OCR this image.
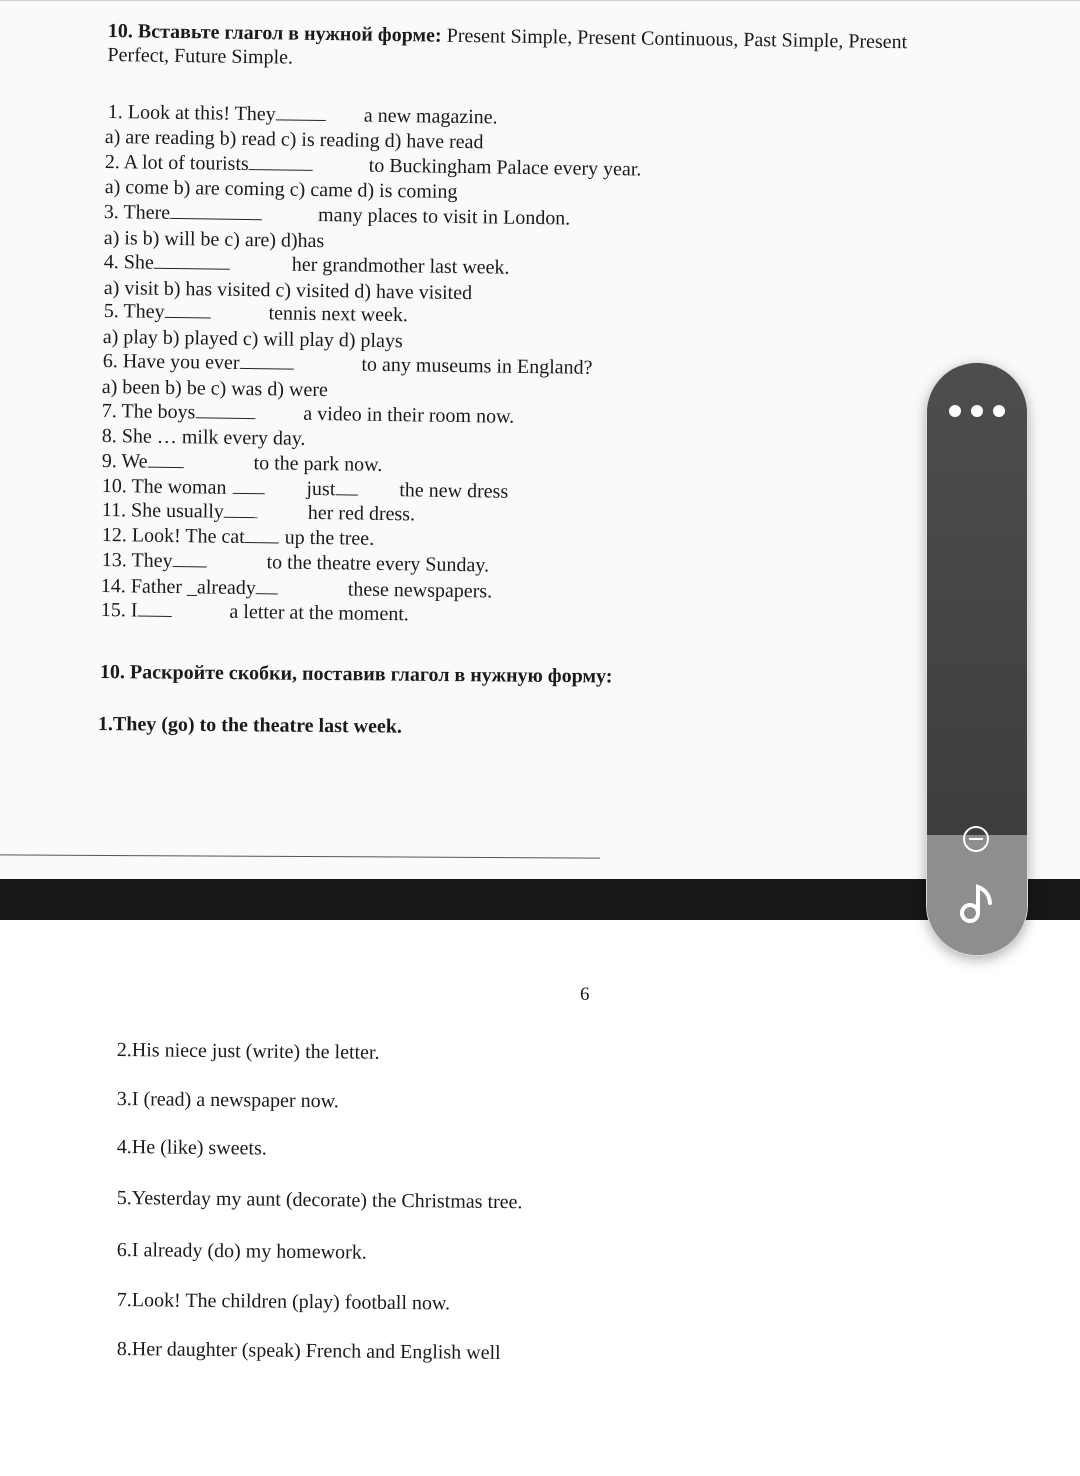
10. Вставьте глагол в нужной форме: Present Simple, Present Continuous, Past Simple, Present
Perfect, Future Simple.
1. Look at this! They	a new magazine.
a) are reading b) read c) is reading d) have read
2. A lot of tourists	to Buckingham Palace every year.
a) come b) are coming c) came d) is coming
3. There	many places to visit in London.
a) is b) will be c) are) d)has
4. She	her grandmother last week.
a) visit b) has visited c) visited d) have visited
5. They	tennis next week.
a) play b) played c) will play d) plays
6. Have you ever	to any museums in England?
a) been b) be c) was d) were
7. The boys	a video in their room now.
8. She … milk every day.
9. We	to the park now.
10. The woman	just	the new dress
11. She usually	her red dress.
12. Look! The cat up the tree.
13. They	to the theatre every Sunday.
14. Father _already	these newspapers.
15. I	a letter at the moment.
10. Раскройте скобки, поставив глагол в нужную форму:
1.They (go) to the theatre last week.
6
2.His niece just (write) the letter.
3.I (read) a newspaper now.
4.He (like) sweets.
5.Yesterday my aunt (decorate) the Christmas tree.
6.I already (do) my homework.
7.Look! The children (play) football now.
8.Her daughter (speak) French and English well
